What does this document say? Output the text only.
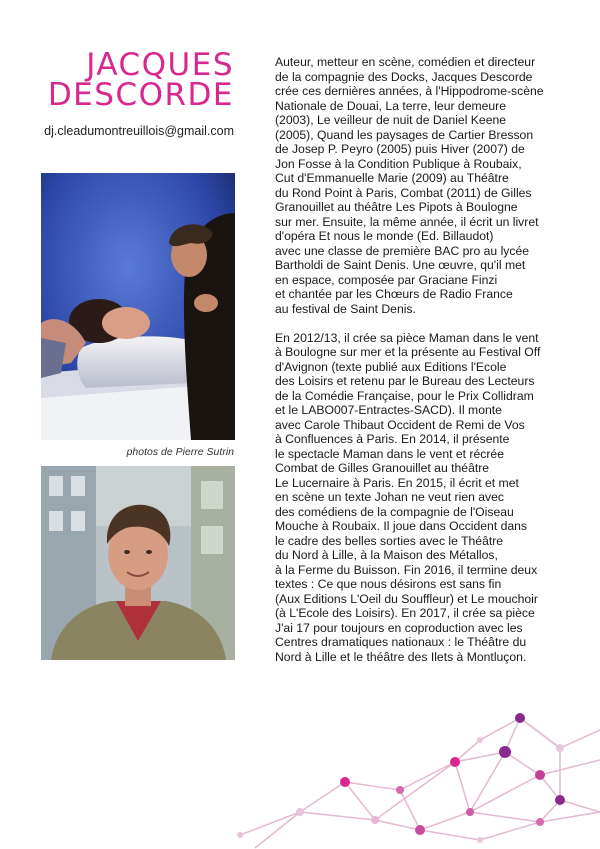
JACQUES
DESCORDE
dj.cleadumontreuillois@gmail.com
photos de Pierre Sutrin

Auteur, metteur en scène, comédien et directeur
de la compagnie des Docks, Jacques Descorde
crée ces dernières années, à l'Hippodrome-scène
Nationale de Douai, La terre, leur demeure
(2003), Le veilleur de nuit de Daniel Keene
(2005), Quand les paysages de Cartier Bresson
de Josep P. Peyro (2005) puis Hiver (2007) de
Jon Fosse à la Condition Publique à Roubaix,
Cut d'Emmanuelle Marie (2009) au Théâtre
du Rond Point à Paris, Combat (2011) de Gilles
Granouillet au théâtre Les Pipots à Boulogne
sur mer. Ensuite, la même année, il écrit un livret
d'opéra Et nous le monde (Ed. Billaudot)
avec une classe de première BAC pro au lycée
Bartholdi de Saint Denis. Une œuvre, qu'il met
en espace, composée par Graciane Finzi
et chantée par les Chœurs de Radio France
au festival de Saint Denis.

En 2012/13, il crée sa pièce Maman dans le vent
à Boulogne sur mer et la présente au Festival Off
d'Avignon (texte publié aux Editions l'Ecole
des Loisirs et retenu par le Bureau des Lecteurs
de la Comédie Française, pour le Prix Collidram
et le LABO007-Entractes-SACD). Il monte
avec Carole Thibaut Occident de Remi de Vos
à Confluences à Paris. En 2014, il présente
le spectacle Maman dans le vent et récrée
Combat de Gilles Granouillet au théâtre
Le Lucernaire à Paris. En 2015, il écrit et met
en scène un texte Johan ne veut rien avec
des comédiens de la compagnie de l'Oiseau
Mouche à Roubaix. Il joue dans Occident dans
le cadre des belles sorties avec le Théâtre
du Nord à Lille, à la Maison des Métallos,
à la Ferme du Buisson. Fin 2016, il termine deux
textes : Ce que nous désirons est sans fin
(Aux Editions L'Oeil du Souffleur) et Le mouchoir
(à L'Ecole des Loisirs). En 2017, il crée sa pièce
J'ai 17 pour toujours en coproduction avec les
Centres dramatiques nationaux : le Théâtre du
Nord à Lille et le théâtre des Ilets à Montluçon.
